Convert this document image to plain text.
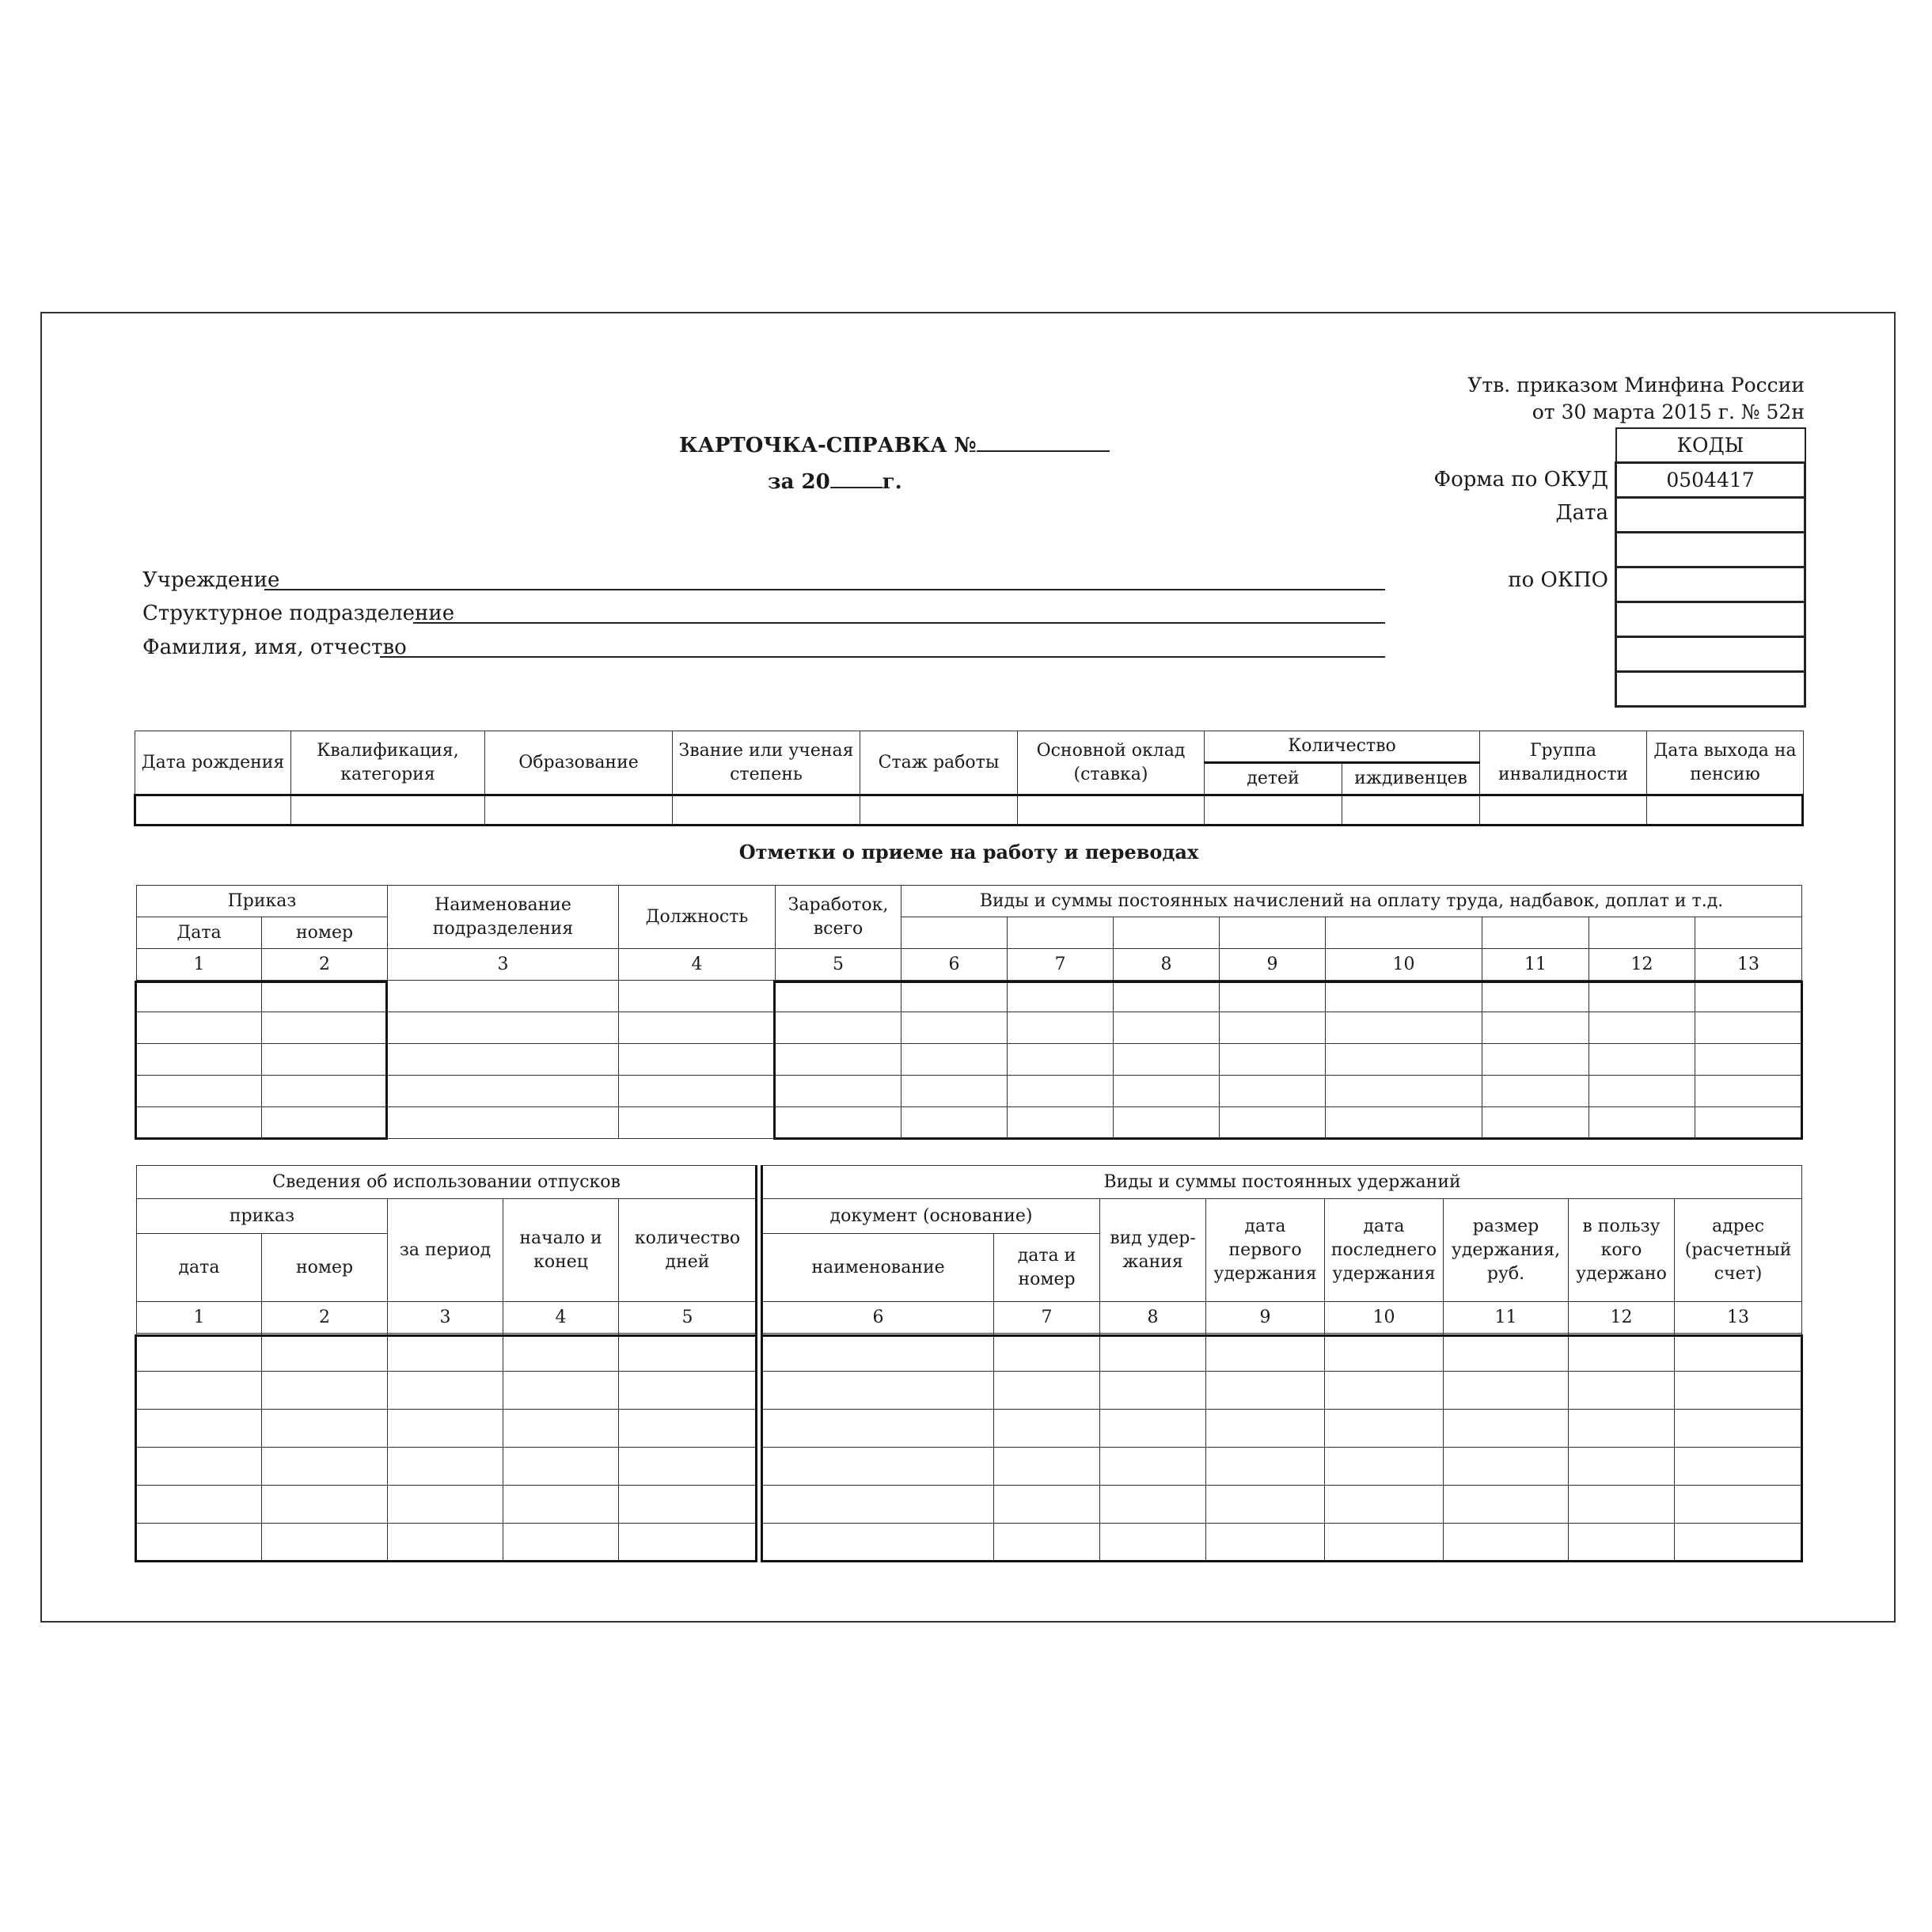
Утв. приказом Минфина России
от 30 марта 2015 г. № 52н
КАРТОЧКА-СПРАВКА №
за 20	г.	Форма по ОКУД
Дата
по ОКПО
КОДЫ
0504417

Учреждение
Структурное подразделение
Фамилия, имя, отчество
Дата рождения	Квалификация, категория	Образование	Звание или ученая степень	Стаж работы	Основной оклад (ставка)	Количество		Группа инвалидности	Дата выхода на пенсию
						детей	иждивенцев		

Отметки о приеме на работу и переводах
Приказ		Наименование подразделения	Должность	Заработок, всего	Виды и суммы постоянных начислений на оплату труда, надбавок, доплат и т.д.							
Дата	номер											
1	2	3	4	5	6	7	8	9	10	11	12	13

Сведения об использовании отпусков				
приказ		за период	начало и конец	количество дней
дата	номер			
1	2	3	4	5

Виды и суммы постоянных удержаний							
документ (основание)		вид удер- жания	дата первого удержания	дата последнего удержания	размер удержания, руб.	в пользу кого удержано	адрес (расчетный счет)
наименование	дата и номер						
6	7	8	9	10	11	12	13
